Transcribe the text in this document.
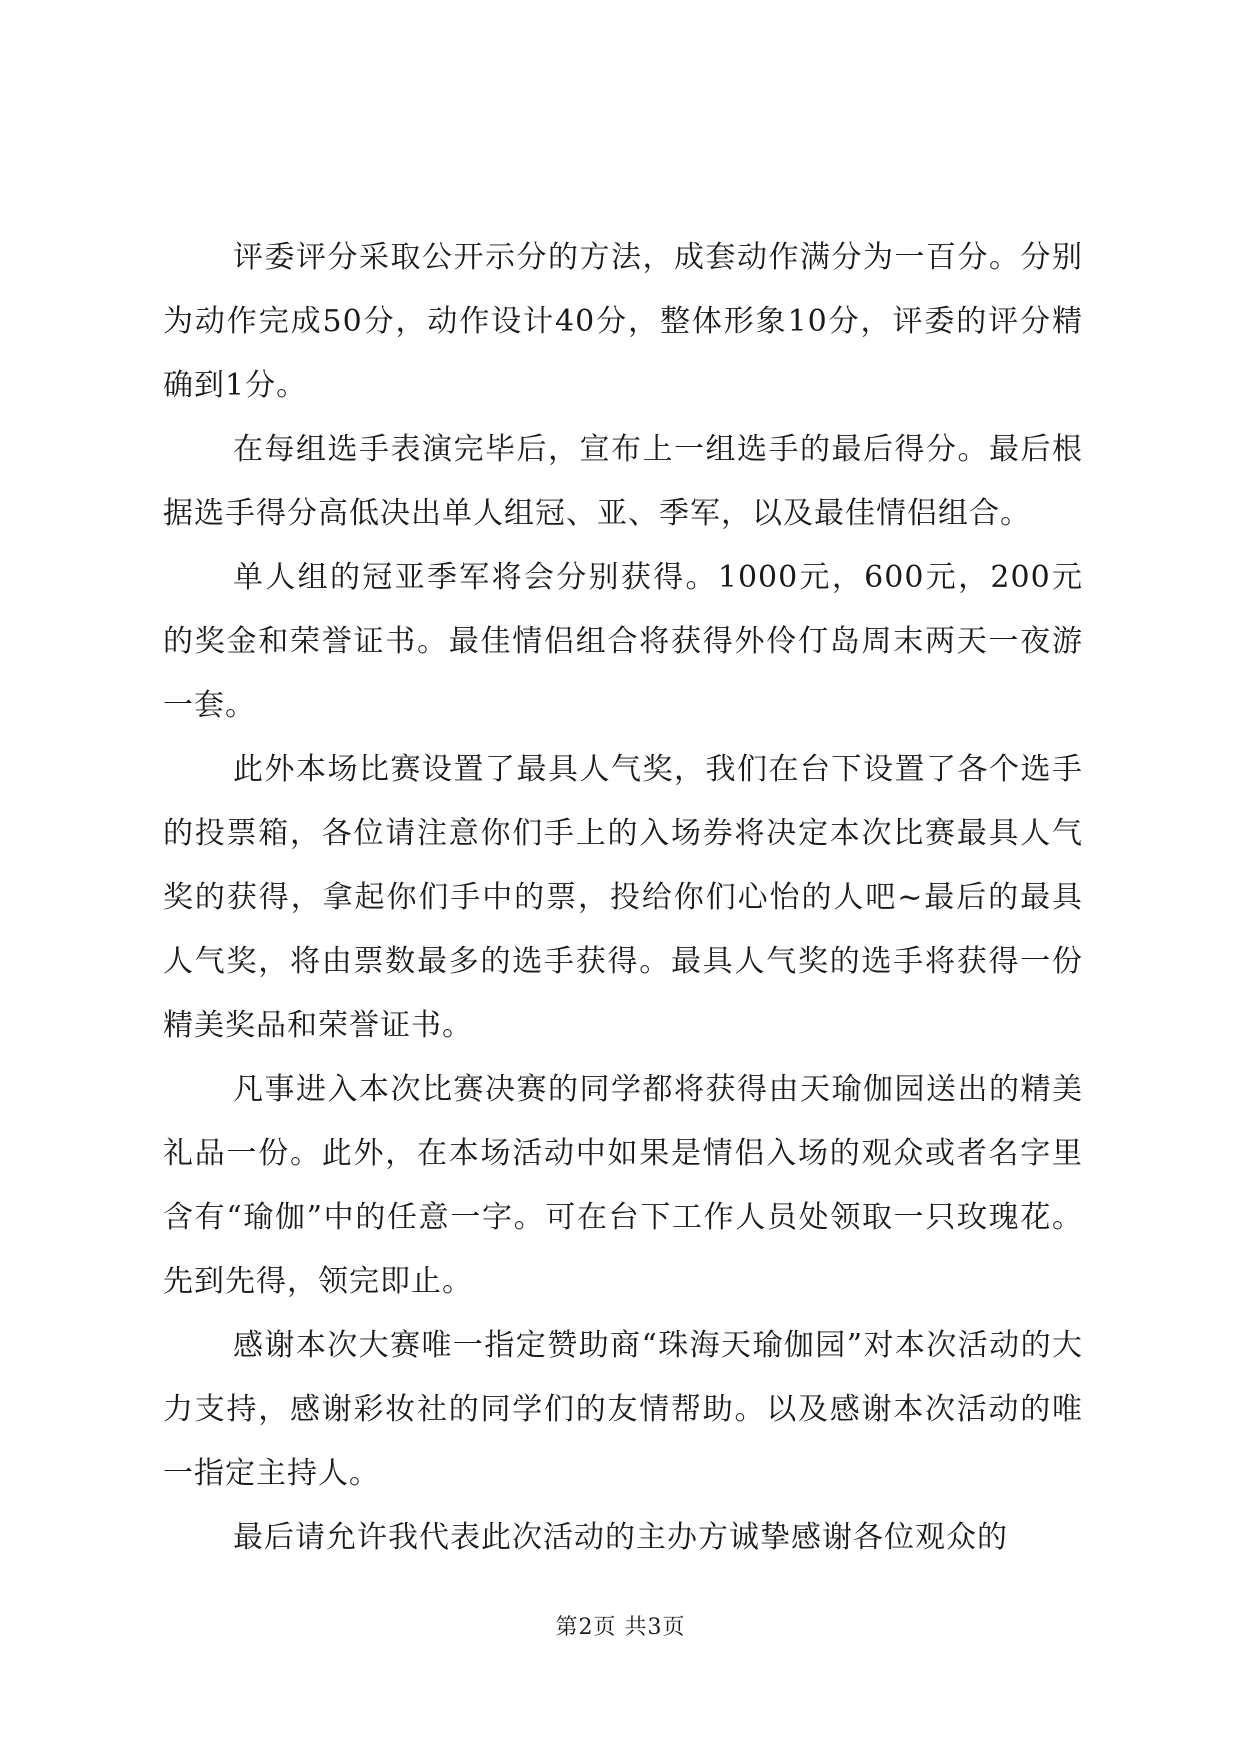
评委评分采取公开示分的方法，成套动作满分为一百分。分别为动作完成50分，动作设计40分，整体形象10分，评委的评分精确到1分。

在每组选手表演完毕后，宣布上一组选手的最后得分。最后根据选手得分高低决出单人组冠、亚、季军，以及最佳情侣组合。

单人组的冠亚季军将会分别获得。1000元，600元，200元的奖金和荣誉证书。最佳情侣组合将获得外伶仃岛周末两天一夜游一套。

此外本场比赛设置了最具人气奖，我们在台下设置了各个选手的投票箱，各位请注意你们手上的入场券将决定本次比赛最具人气奖的获得，拿起你们手中的票，投给你们心怡的人吧~最后的最具人气奖，将由票数最多的选手获得。最具人气奖的选手将获得一份精美奖品和荣誉证书。

凡事进入本次比赛决赛的同学都将获得由天瑜伽园送出的精美礼品一份。此外，在本场活动中如果是情侣入场的观众或者名字里含有“瑜伽”中的任意一字。可在台下工作人员处领取一只玫瑰花。先到先得，领完即止。

感谢本次大赛唯一指定赞助商“珠海天瑜伽园”对本次活动的大力支持，感谢彩妆社的同学们的友情帮助。以及感谢本次活动的唯一指定主持人。

最后请允许我代表此次活动的主办方诚挚感谢各位观众的

第2页 共3页
